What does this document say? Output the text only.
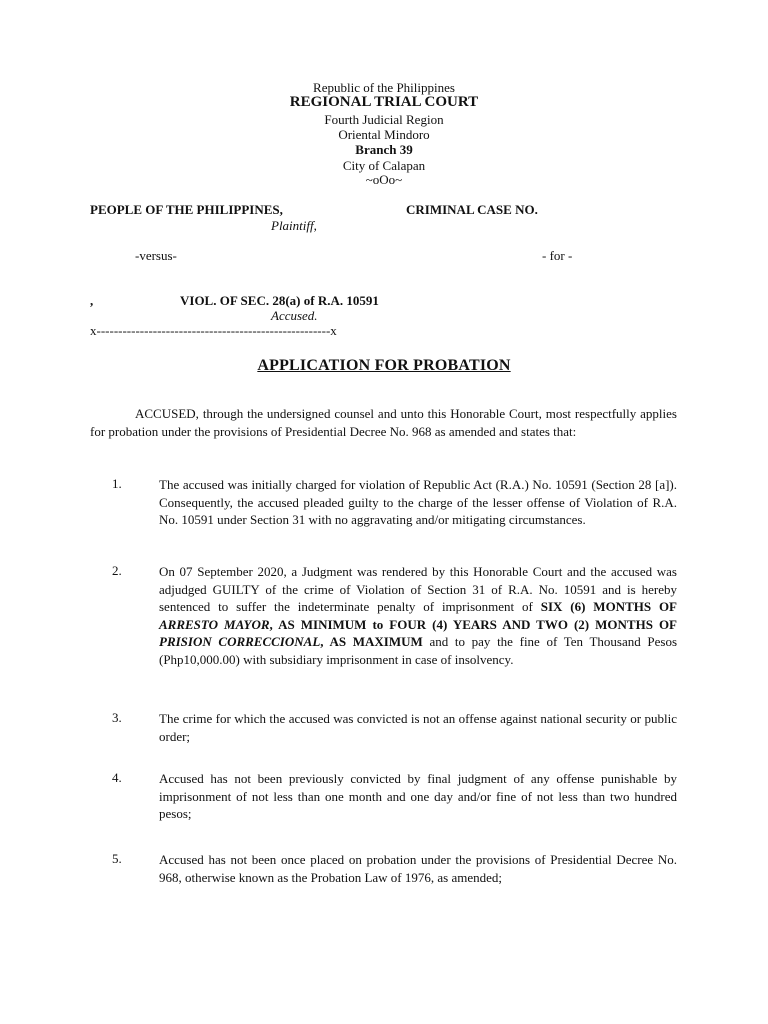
Republic of the Philippines
REGIONAL TRIAL COURT
Fourth Judicial Region
Oriental Mindoro
Branch 39
City of Calapan
~oOo~
PEOPLE OF THE PHILIPPINES,	CRIMINAL CASE NO.
Plaintiff,
-versus-	- for -
,	VIOL. OF SEC. 28(a) of R.A. 10591
Accused.
x------------------------------------------------------x
APPLICATION FOR PROBATION
ACCUSED, through the undersigned counsel and unto this Honorable Court, most respectfully applies for probation under the provisions of Presidential Decree No. 968 as amended and states that:
1.	The accused was initially charged for violation of Republic Act (R.A.) No. 10591 (Section 28 [a]). Consequently, the accused pleaded guilty to the charge of the lesser offense of Violation of R.A. No. 10591 under Section 31 with no aggravating and/or mitigating circumstances.
2.	On 07 September 2020, a Judgment was rendered by this Honorable Court and the accused was adjudged GUILTY of the crime of Violation of Section 31 of R.A. No. 10591 and is hereby sentenced to suffer the indeterminate penalty of imprisonment of SIX (6) MONTHS OF ARRESTO MAYOR, AS MINIMUM to FOUR (4) YEARS AND TWO (2) MONTHS OF PRISION CORRECCIONAL, AS MAXIMUM and to pay the fine of Ten Thousand Pesos (Php10,000.00) with subsidiary imprisonment in case of insolvency.
3.	The crime for which the accused was convicted is not an offense against national security or public order;
4.	Accused has not been previously convicted by final judgment of any offense punishable by imprisonment of not less than one month and one day and/or fine of not less than two hundred pesos;
5.	Accused has not been once placed on probation under the provisions of Presidential Decree No. 968, otherwise known as the Probation Law of 1976, as amended;
